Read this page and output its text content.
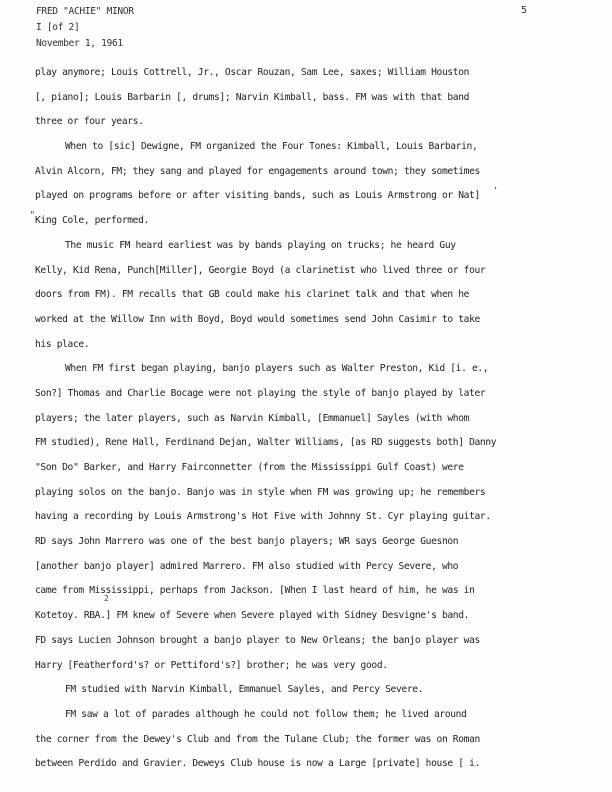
FRED "ACHIE" MINOR
I [of 2]
November 1, 1961
5
play anymore; Louis Cottrell, Jr., Oscar Rouzan, Sam Lee, saxes; William Houston
[, piano]; Louis Barbarin [, drums]; Narvin Kimball, bass. FM was with that band
three or four years.
When to [sic] Dewigne, FM organized the Four Tones: Kimball, Louis Barbarin,
Alvin Alcorn, FM; they sang and played for engagements around town; they sometimes
played on programs before or after visiting bands, such as Louis Armstrong or Nat]
King Cole, performed.
The music FM heard earliest was by bands playing on trucks; he heard Guy
Kelly, Kid Rena, Punch[Miller], Georgie Boyd (a clarinetist who lived three or four
doors from FM). FM recalls that GB could make his clarinet talk and that when he
worked at the Willow Inn with Boyd, Boyd would sometimes send John Casimir to take
his place.
When FM first began playing, banjo players such as Walter Preston, Kid [i. e.,
Son?] Thomas and Charlie Bocage were not playing the style of banjo played by later
players; the later players, such as Narvin Kimball, [Emmanuel] Sayles (with whom
FM studied), Rene Hall, Ferdinand Dejan, Walter Williams, [as RD suggests both] Danny
"Son Do" Barker, and Harry Fairconnetter (from the Mississippi Gulf Coast) were
playing solos on the banjo. Banjo was in style when FM was growing up; he remembers
having a recording by Louis Armstrong's Hot Five with Johnny St. Cyr playing guitar.
RD says John Marrero was one of the best banjo players; WR says George Guesnon
[another banjo player] admired Marrero. FM also studied with Percy Severe, who
came from Mississippi, perhaps from Jackson. [When I last heard of him, he was in
Kotetoy. RBA.] FM knew of Severe when Severe played with Sidney Desvigne's band.
FD says Lucien Johnson brought a banjo player to New Orleans; the banjo player was
Harry [Featherford's? or Pettiford's?] brother; he was very good.
FM studied with Narvin Kimball, Emmanuel Sayles, and Percy Severe.
FM saw a lot of parades although he could not follow them; he lived around
the corner from the Dewey's Club and from the Tulane Club; the former was on Roman
between Perdido and Gravier. Deweys Club house is now a Large [private] house [ i.
’
“
2
